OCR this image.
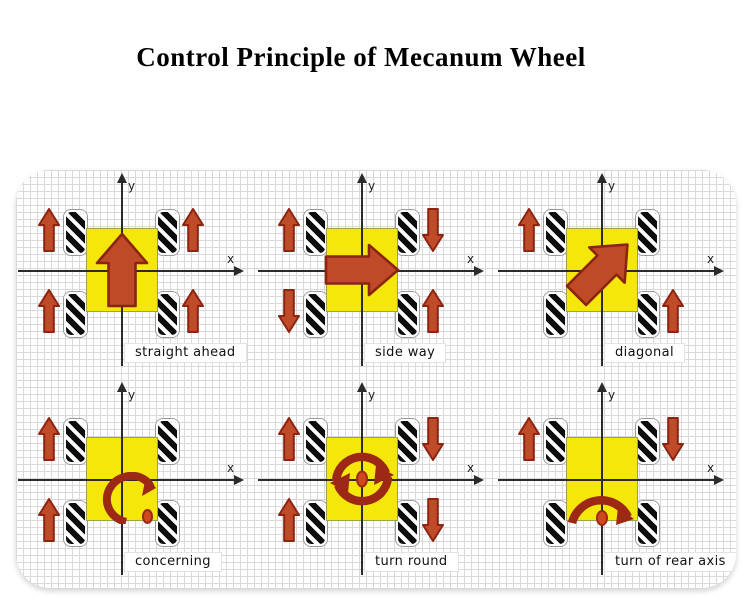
Control Principle of Mecanum Wheel
y
x
straight ahead
y
x
side way
y
x
diagonal
y
x
concerning
y
x
turn round
y
x
turn of rear axis
